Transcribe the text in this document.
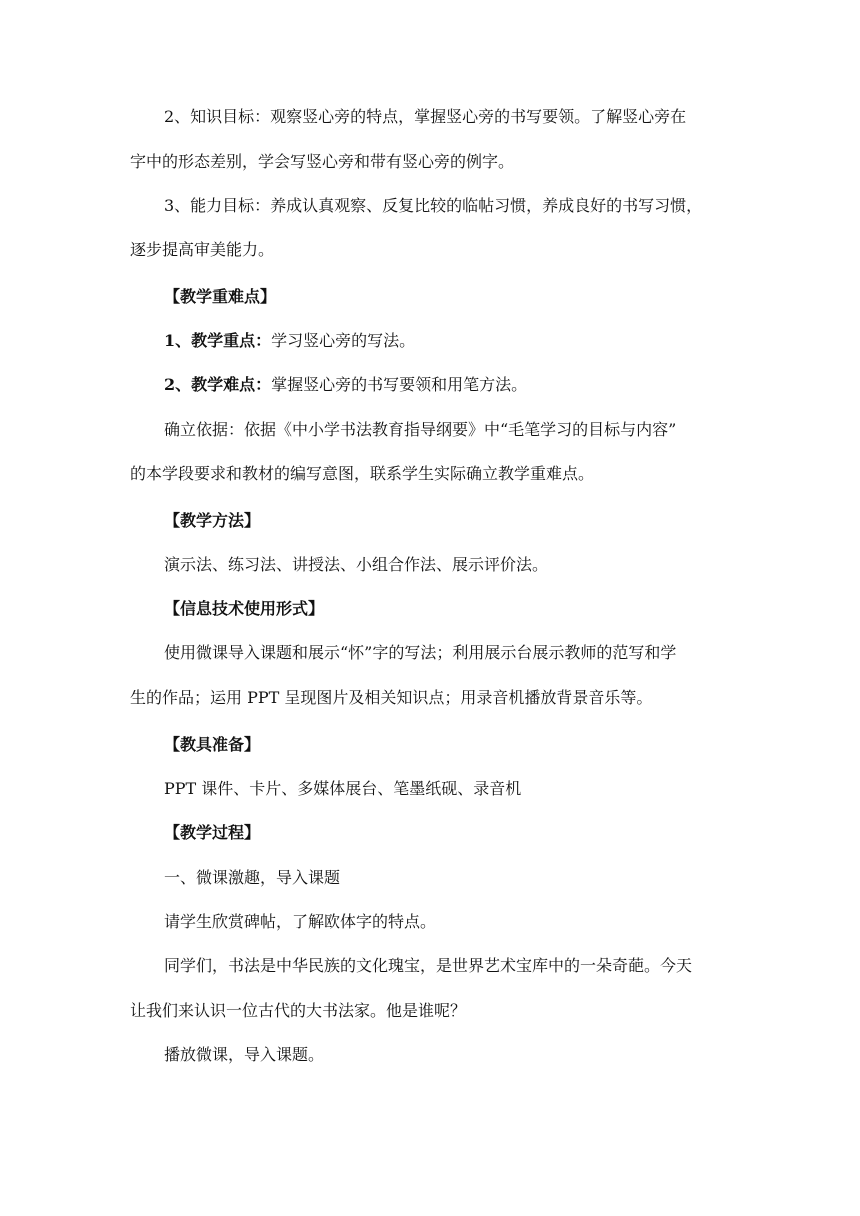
2、知识目标：观察竖心旁的特点，掌握竖心旁的书写要领。了解竖心旁在
字中的形态差别，学会写竖心旁和带有竖心旁的例字。
3、能力目标：养成认真观察、反复比较的临帖习惯，养成良好的书写习惯，
逐步提高审美能力。
【教学重难点】
1、教学重点：学习竖心旁的写法。
2、教学难点：掌握竖心旁的书写要领和用笔方法。
确立依据：依据《中小学书法教育指导纲要》中“毛笔学习的目标与内容”
的本学段要求和教材的编写意图，联系学生实际确立教学重难点。
【教学方法】
演示法、练习法、讲授法、小组合作法、展示评价法。
【信息技术使用形式】
使用微课导入课题和展示“怀”字的写法；利用展示台展示教师的范写和学
生的作品；运用 PPT 呈现图片及相关知识点；用录音机播放背景音乐等。
【教具准备】
PPT 课件、卡片、多媒体展台、笔墨纸砚、录音机
【教学过程】
一、微课激趣，导入课题
请学生欣赏碑帖，了解欧体字的特点。
同学们，书法是中华民族的文化瑰宝，是世界艺术宝库中的一朵奇葩。今天
让我们来认识一位古代的大书法家。他是谁呢？
播放微课，导入课题。
